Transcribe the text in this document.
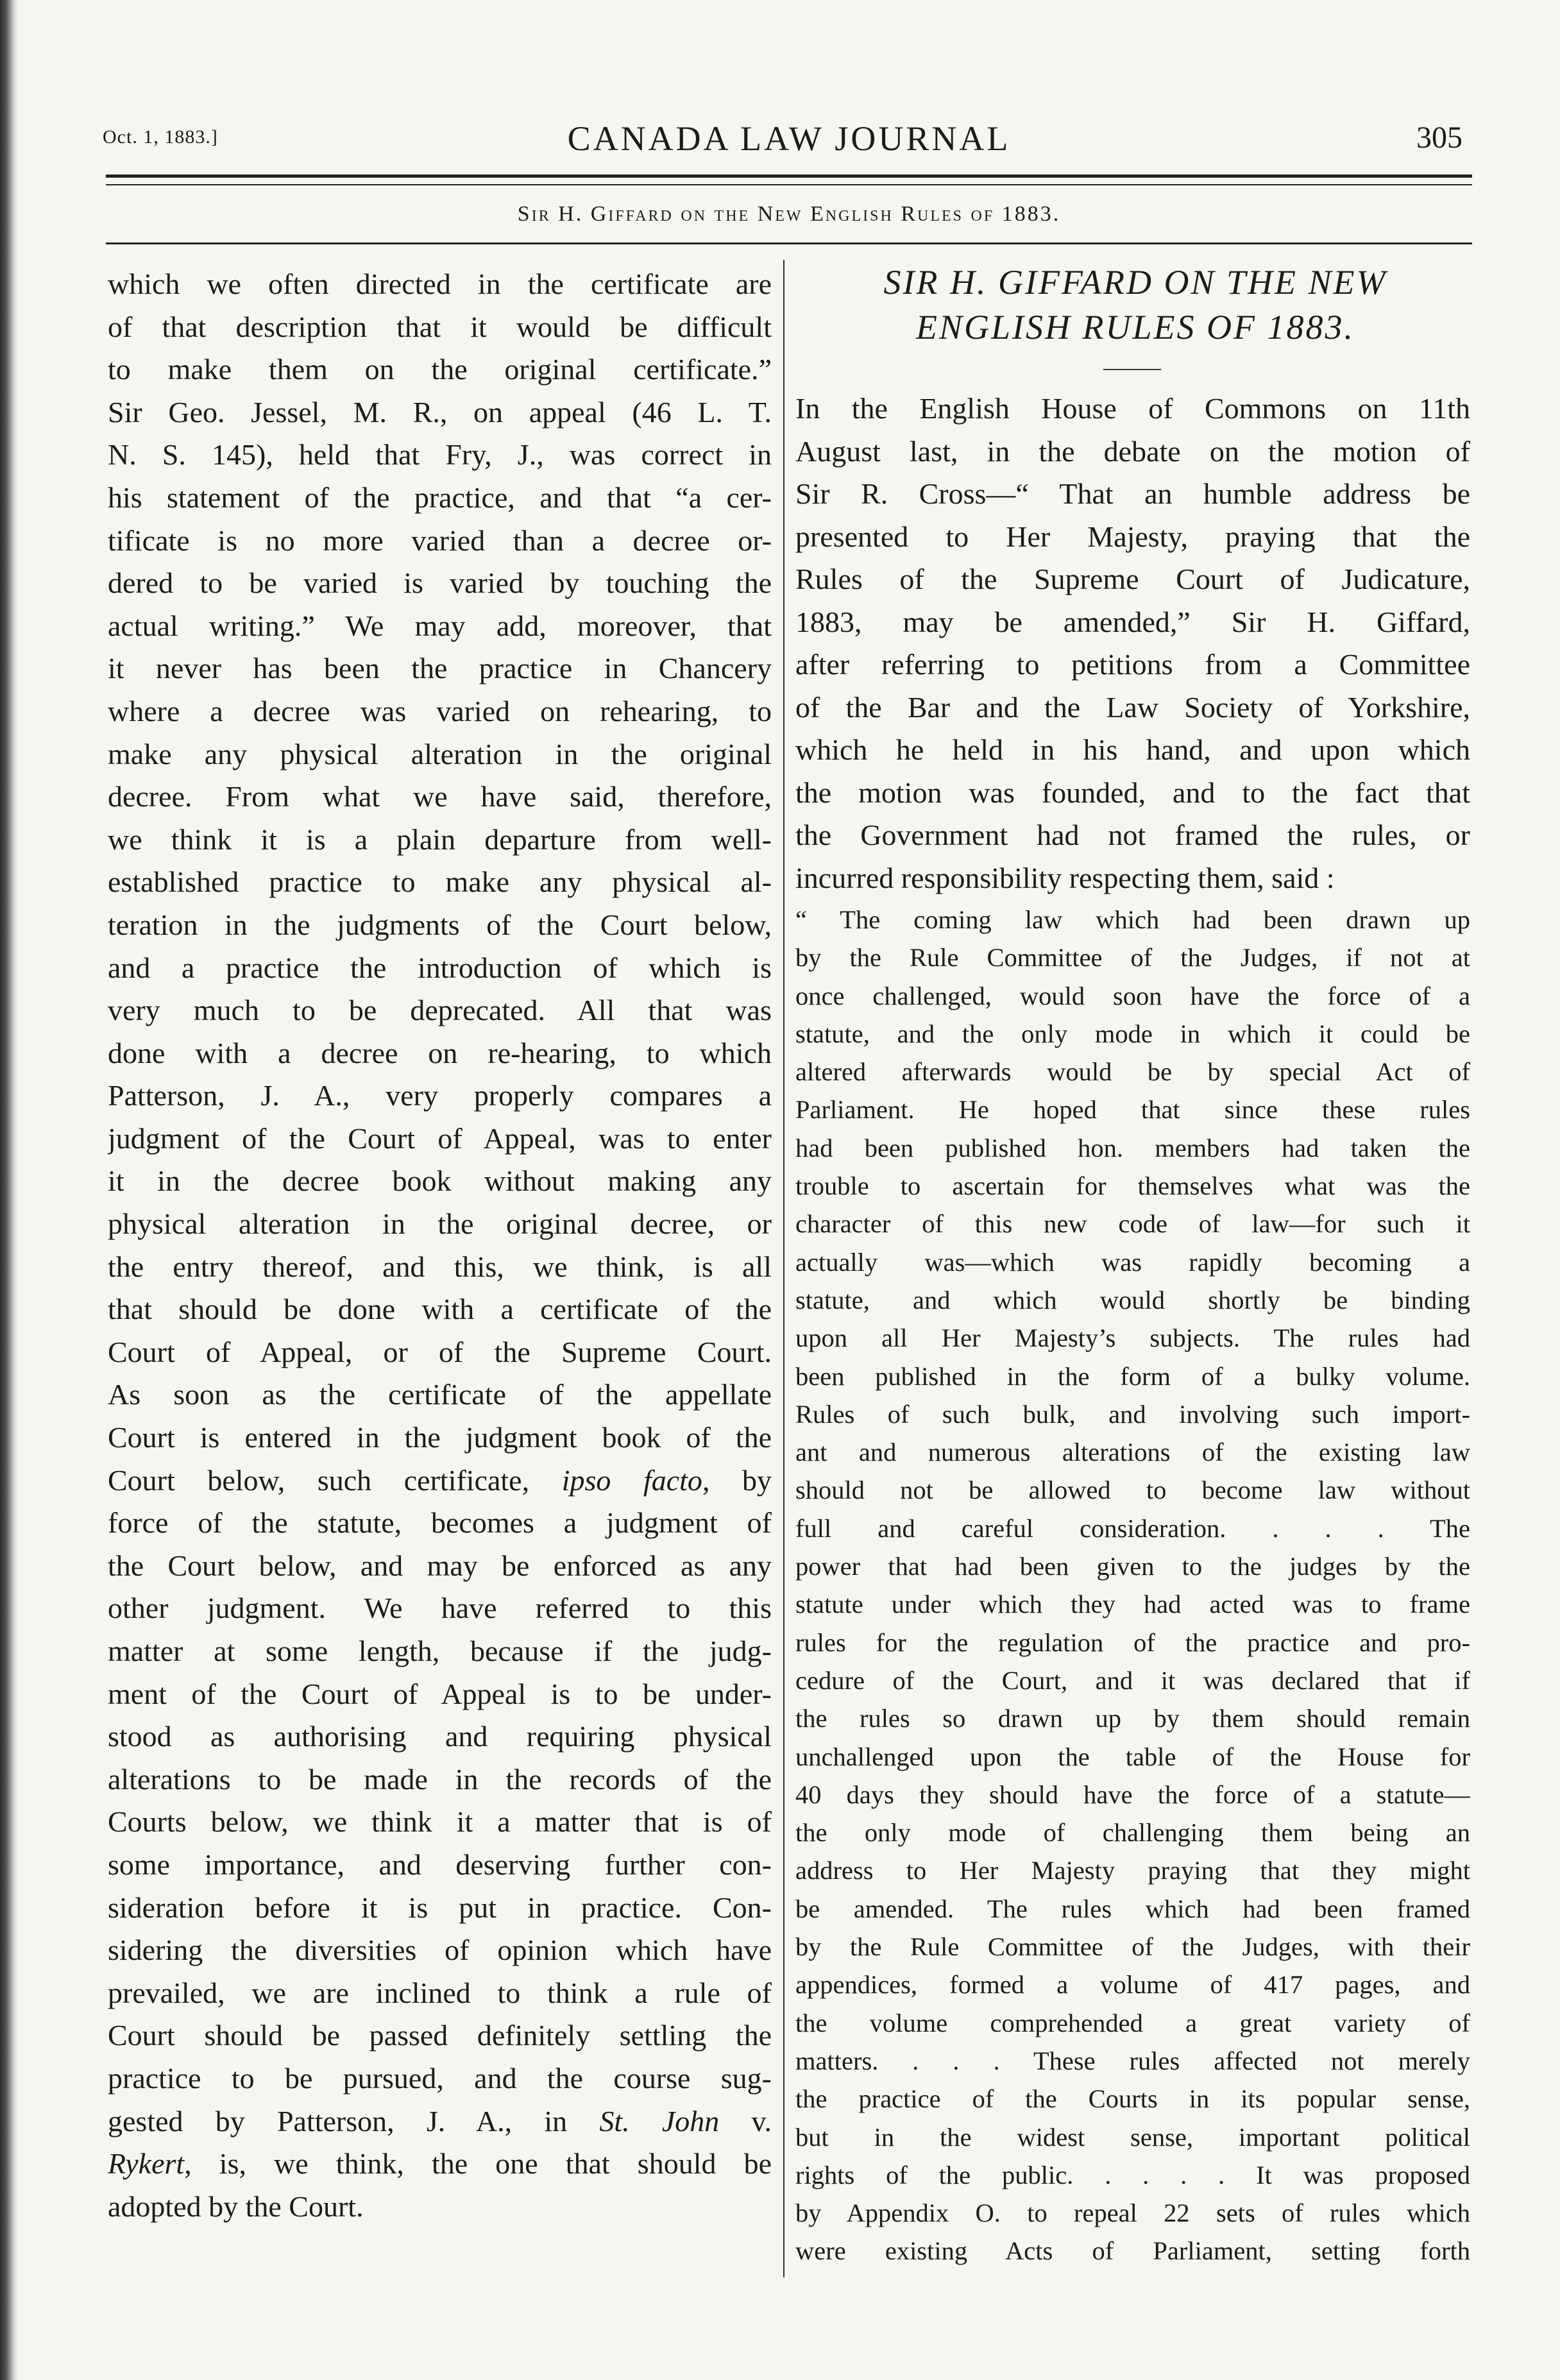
Oct. 1, 1883.]	CANADA LAW JOURNAL	305
Sir H. Giffard on the New English Rules of 1883.
which we often directed in the certificate are
of that description that it would be difficult
to make them on the original certificate.”
Sir Geo. Jessel, M. R., on appeal (46 L. T.
N. S. 145), held that Fry, J., was correct in
his statement of the practice, and that “a cer-
tificate is no more varied than a decree or-
dered to be varied is varied by touching the
actual writing.” We may add, moreover, that
it never has been the practice in Chancery
where a decree was varied on rehearing, to
make any physical alteration in the original
decree. From what we have said, therefore,
we think it is a plain departure from well-
established practice to make any physical al-
teration in the judgments of the Court below,
and a practice the introduction of which is
very much to be deprecated. All that was
done with a decree on re-hearing, to which
Patterson, J. A., very properly compares a
judgment of the Court of Appeal, was to enter
it in the decree book without making any
physical alteration in the original decree, or
the entry thereof, and this, we think, is all
that should be done with a certificate of the
Court of Appeal, or of the Supreme Court.
As soon as the certificate of the appellate
Court is entered in the judgment book of the
Court below, such certificate, ipso facto, by
force of the statute, becomes a judgment of
the Court below, and may be enforced as any
other judgment. We have referred to this
matter at some length, because if the judg-
ment of the Court of Appeal is to be under-
stood as authorising and requiring physical
alterations to be made in the records of the
Courts below, we think it a matter that is of
some importance, and deserving further con-
sideration before it is put in practice. Con-
sidering the diversities of opinion which have
prevailed, we are inclined to think a rule of
Court should be passed definitely settling the
practice to be pursued, and the course sug-
gested by Patterson, J. A., in St. John v.
Rykert, is, we think, the one that should be
adopted by the Court.
SIR H. GIFFARD ON THE NEW
ENGLISH RULES OF 1883.
In the English House of Commons on 11th
August last, in the debate on the motion of
Sir R. Cross—“ That an humble address be
presented to Her Majesty, praying that the
Rules of the Supreme Court of Judicature,
1883, may be amended,” Sir H. Giffard,
after referring to petitions from a Committee
of the Bar and the Law Society of Yorkshire,
which he held in his hand, and upon which
the motion was founded, and to the fact that
the Government had not framed the rules, or
incurred responsibility respecting them, said :
“ The coming law which had been drawn up
by the Rule Committee of the Judges, if not at
once challenged, would soon have the force of a
statute, and the only mode in which it could be
altered afterwards would be by special Act of
Parliament. He hoped that since these rules
had been published hon. members had taken the
trouble to ascertain for themselves what was the
character of this new code of law—for such it
actually was—which was rapidly becoming a
statute, and which would shortly be binding
upon all Her Majesty’s subjects. The rules had
been published in the form of a bulky volume.
Rules of such bulk, and involving such import-
ant and numerous alterations of the existing law
should not be allowed to become law without
full and careful consideration. . . . The
power that had been given to the judges by the
statute under which they had acted was to frame
rules for the regulation of the practice and pro-
cedure of the Court, and it was declared that if
the rules so drawn up by them should remain
unchallenged upon the table of the House for
40 days they should have the force of a statute—
the only mode of challenging them being an
address to Her Majesty praying that they might
be amended. The rules which had been framed
by the Rule Committee of the Judges, with their
appendices, formed a volume of 417 pages, and
the volume comprehended a great variety of
matters. . . . These rules affected not merely
the practice of the Courts in its popular sense,
but in the widest sense, important political
rights of the public. . . . . It was proposed
by Appendix O. to repeal 22 sets of rules which
were existing Acts of Parliament, setting forth
